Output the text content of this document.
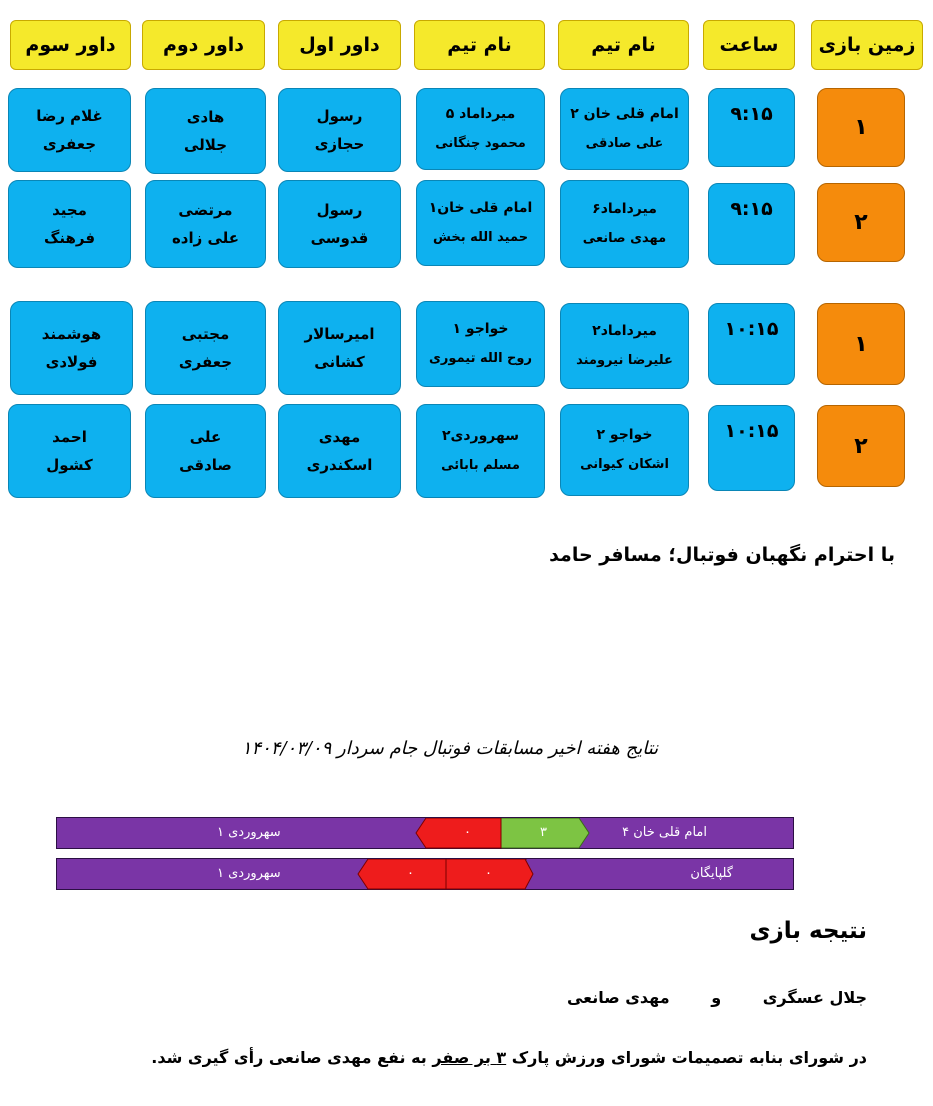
زمین بازی
ساعت
نام تیم
نام تیم
داور اول
داور دوم
داور سوم
۱
۹:۱۵
امام قلی خان ۲
علی صادقی
میرداماد ۵
محمود چنگانی
رسول
حجازی
هادی
جلالی
غلام رضا
جعفری
۲
۹:۱۵
میرداماد۶
مهدی صانعی
امام قلی خان۱
حمید الله بخش
رسول
قدوسی
مرتضی
علی زاده
مجید
فرهنگ
۱
۱۰:۱۵
میرداماد۲
علیرضا نیرومند
خواجو ۱
روح الله تیموری
امیرسالار
کشانی
مجتبی
جعفری
هوشمند
فولادی
۲
۱۰:۱۵
خواجو ۲
اشکان کیوانی
سهروردی۲
مسلم بابائی
مهدی
اسکندری
علی
صادقی
احمد
کشول
با احترام نگهبان فوتبال؛ مسافر حامد
نتایج هفته اخیر مسابقات فوتبال جام سردار ۱۴۰۴/۰۳/۰۹
امام قلی خان ۴
۳
۰
سهروردی ۱
گلپایگان
۰
۰
سهروردی ۱
نتیجه بازی
جلال عسگری و مهدی صانعی
در شورای بنابه تصمیمات شورای ورزش پارک ۳ بر صفر به نفع مهدی صانعی رأی گیری شد.
